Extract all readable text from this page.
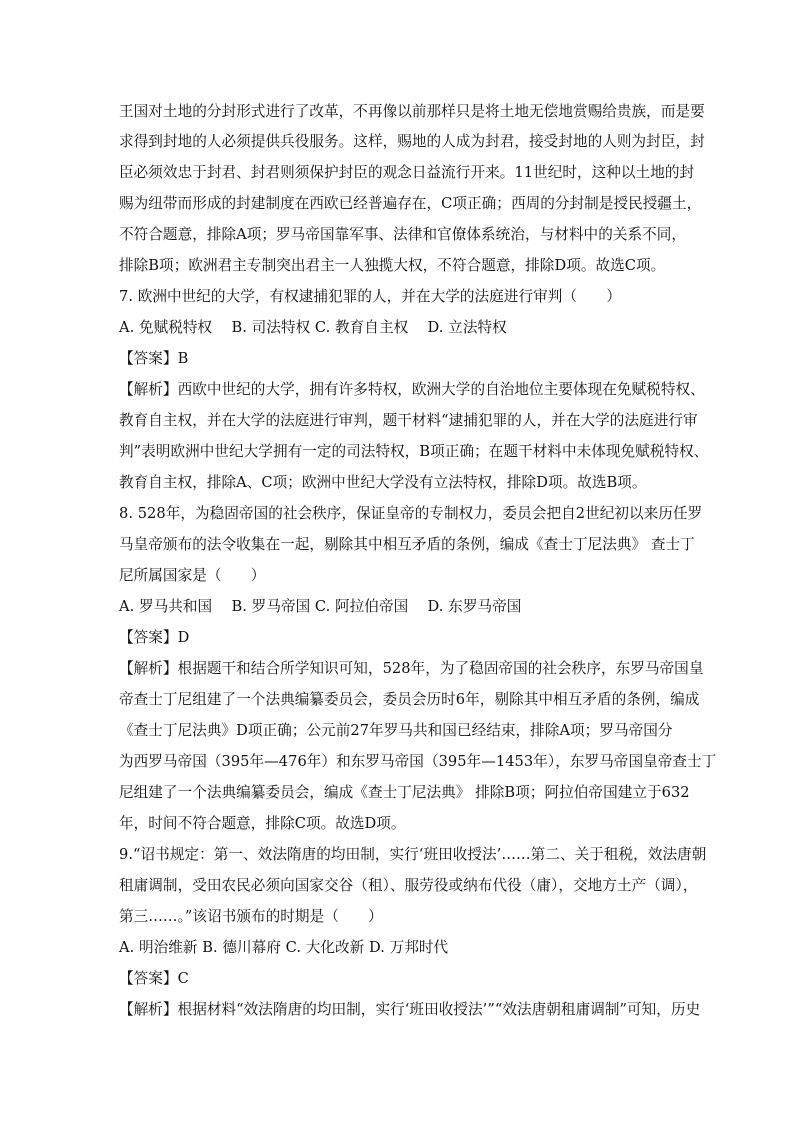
王国对土地的分封形式进行了改革，不再像以前那样只是将土地无偿地赏赐给贵族，而是要
求得到封地的人必须提供兵役服务。这样，赐地的人成为封君，接受封地的人则为封臣，封
臣必须效忠于封君、封君则须保护封臣的观念日益流行开来。11世纪时，这种以土地的封
赐为纽带而形成的封建制度在西欧已经普遍存在，C项正确；西周的分封制是授民授疆土，
不符合题意，排除A项；罗马帝国靠军事、法律和官僚体系统治，与材料中的关系不同，
排除B项；欧洲君主专制突出君主一人独揽大权，不符合题意，排除D项。故选C项。
7. 欧洲中世纪的大学，有权逮捕犯罪的人，并在大学的法庭进行审判（　　）
A. 免赋税特权　 B. 司法特权 C. 教育自主权　 D. 立法特权
【答案】B
【解析】西欧中世纪的大学，拥有许多特权，欧洲大学的自治地位主要体现在免赋税特权、
教育自主权，并在大学的法庭进行审判，题干材料“逮捕犯罪的人，并在大学的法庭进行审
判”表明欧洲中世纪大学拥有一定的司法特权，B项正确；在题干材料中未体现免赋税特权、
教育自主权，排除A、C项；欧洲中世纪大学没有立法特权，排除D项。故选B项。
8. 528年，为稳固帝国的社会秩序，保证皇帝的专制权力，委员会把自2世纪初以来历任罗
马皇帝颁布的法令收集在一起，剔除其中相互矛盾的条例，编成《查士丁尼法典》 查士丁
尼所属国家是（　　）
A. 罗马共和国　 B. 罗马帝国 C. 阿拉伯帝国　 D. 东罗马帝国
【答案】D
【解析】根据题干和结合所学知识可知，528年，为了稳固帝国的社会秩序，东罗马帝国皇
帝查士丁尼组建了一个法典编纂委员会，委员会历时6年，剔除其中相互矛盾的条例，编成
《查士丁尼法典》D项正确；公元前27年罗马共和国已经结束，排除A项；罗马帝国分
为西罗马帝国（395年—476年）和东罗马帝国（395年—1453年），东罗马帝国皇帝查士丁
尼组建了一个法典编纂委员会，编成《查士丁尼法典》 排除B项；阿拉伯帝国建立于632
年，时间不符合题意，排除C项。故选D项。
9.“诏书规定：第一、效法隋唐的均田制，实行‘班田收授法’……第二、关于租税，效法唐朝
租庸调制，受田农民必须向国家交谷（租）、服劳役或纳布代役（庸），交地方土产（调），
第三……。”该诏书颁布的时期是（　　）
A. 明治维新 B. 德川幕府 C. 大化改新 D. 万邦时代
【答案】C
【解析】根据材料“效法隋唐的均田制，实行‘班田收授法’”“效法唐朝租庸调制”可知，历史
